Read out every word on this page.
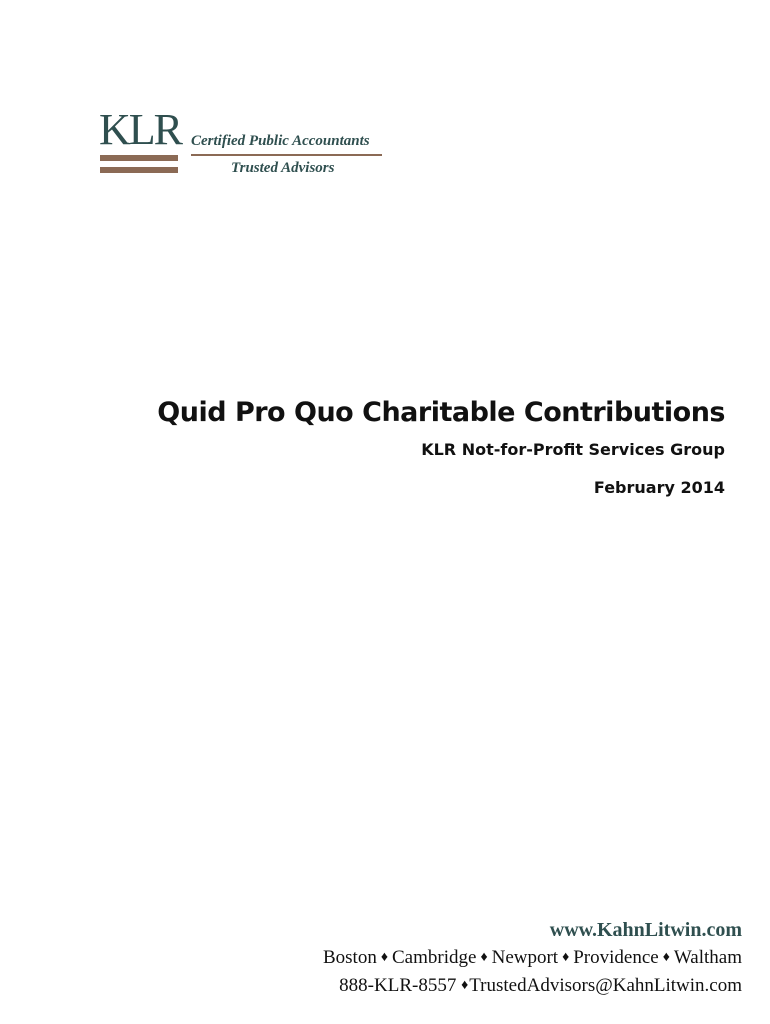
KLR Certified Public Accountants
Trusted Advisors
Quid Pro Quo Charitable Contributions
KLR Not-for-Profit Services Group
February 2014
www.KahnLitwin.com
Boston ♦ Cambridge ♦ Newport ♦ Providence ♦ Waltham
888-KLR-8557 ♦TrustedAdvisors@KahnLitwin.com
